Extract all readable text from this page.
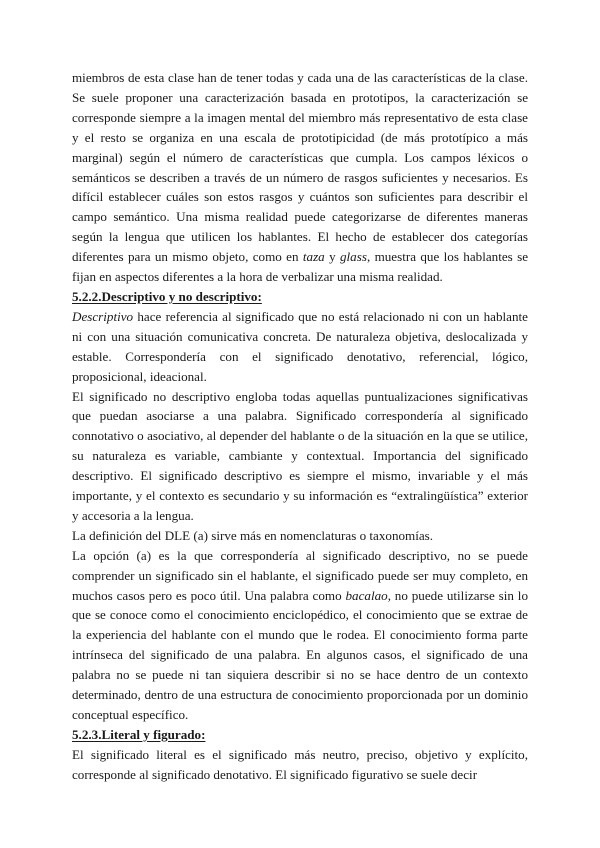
miembros de esta clase han de tener todas y cada una de las características de la clase. Se suele proponer una caracterización basada en prototipos, la caracterización se corresponde siempre a la imagen mental del miembro más representativo de esta clase y el resto se organiza en una escala de prototipicidad (de más prototípico a más marginal) según el número de características que cumpla. Los campos léxicos o semánticos se describen a través de un número de rasgos suficientes y necesarios. Es difícil establecer cuáles son estos rasgos y cuántos son suficientes para describir el campo semántico. Una misma realidad puede categorizarse de diferentes maneras según la lengua que utilicen los hablantes. El hecho de establecer dos categorías diferentes para un mismo objeto, como en taza y glass, muestra que los hablantes se fijan en aspectos diferentes a la hora de verbalizar una misma realidad.

5.2.2.Descriptivo y no descriptivo:

Descriptivo hace referencia al significado que no está relacionado ni con un hablante ni con una situación comunicativa concreta. De naturaleza objetiva, deslocalizada y estable. Correspondería con el significado denotativo, referencial, lógico, proposicional, ideacional.

El significado no descriptivo engloba todas aquellas puntualizaciones significativas que puedan asociarse a una palabra. Significado correspondería al significado connotativo o asociativo, al depender del hablante o de la situación en la que se utilice, su naturaleza es variable, cambiante y contextual. Importancia del significado descriptivo. El significado descriptivo es siempre el mismo, invariable y el más importante, y el contexto es secundario y su información es “extralingüística” exterior y accesoria a la lengua.

La definición del DLE (a) sirve más en nomenclaturas o taxonomías.

La opción (a) es la que correspondería al significado descriptivo, no se puede comprender un significado sin el hablante, el significado puede ser muy completo, en muchos casos pero es poco útil. Una palabra como bacalao, no puede utilizarse sin lo que se conoce como el conocimiento enciclopédico, el conocimiento que se extrae de la experiencia del hablante con el mundo que le rodea. El conocimiento forma parte intrínseca del significado de una palabra. En algunos casos, el significado de una palabra no se puede ni tan siquiera describir si no se hace dentro de un contexto determinado, dentro de una estructura de conocimiento proporcionada por un dominio conceptual específico.

5.2.3.Literal y figurado:

El significado literal es el significado más neutro, preciso, objetivo y explícito, corresponde al significado denotativo. El significado figurativo se suele decir
